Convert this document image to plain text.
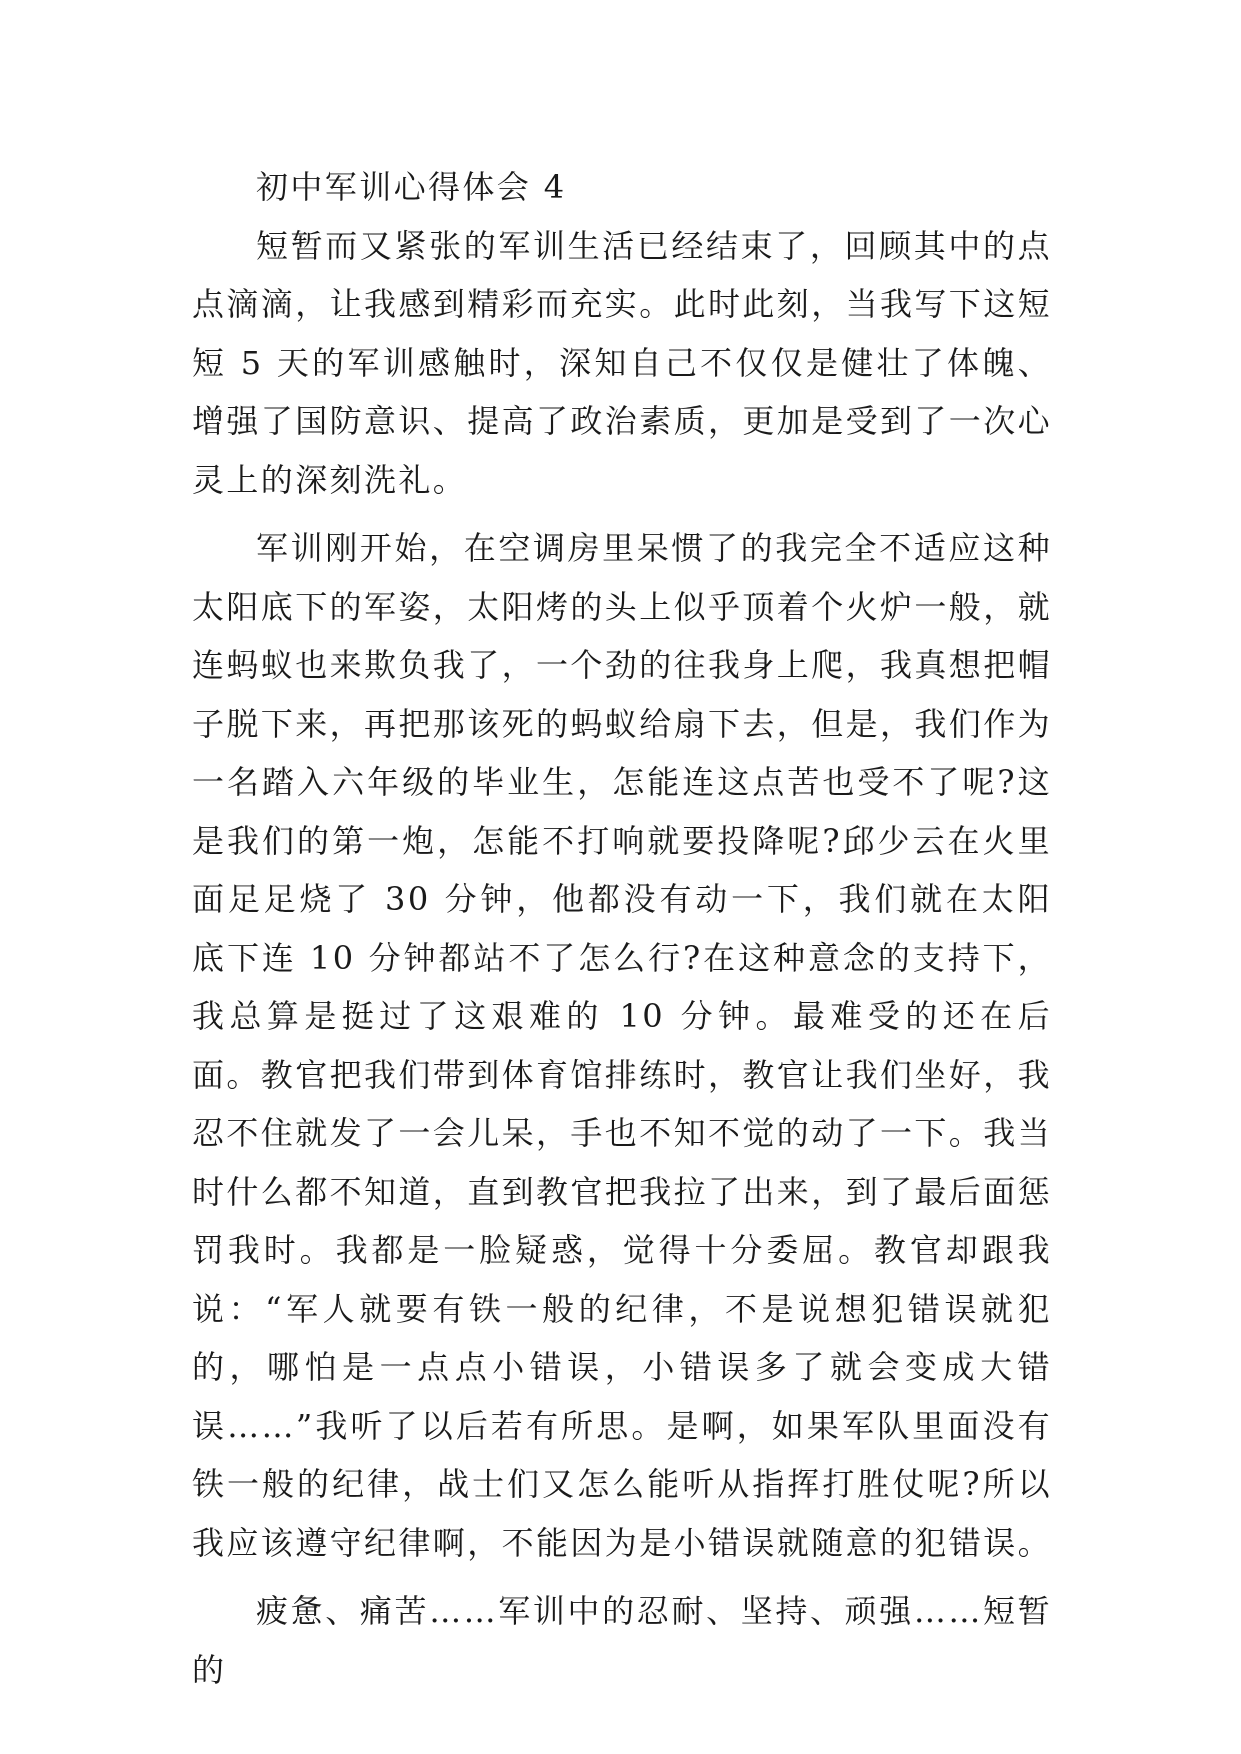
初中军训心得体会 4

短暂而又紧张的军训生活已经结束了，回顾其中的点点滴滴，让我感到精彩而充实。此时此刻，当我写下这短短 5 天的军训感触时，深知自己不仅仅是健壮了体魄、增强了国防意识、提高了政治素质，更加是受到了一次心灵上的深刻洗礼。

军训刚开始，在空调房里呆惯了的我完全不适应这种太阳底下的军姿，太阳烤的头上似乎顶着个火炉一般，就连蚂蚁也来欺负我了，一个劲的往我身上爬，我真想把帽子脱下来，再把那该死的蚂蚁给扇下去，但是，我们作为一名踏入六年级的毕业生，怎能连这点苦也受不了呢?这是我们的第一炮，怎能不打响就要投降呢?邱少云在火里面足足烧了 30 分钟，他都没有动一下，我们就在太阳底下连 10 分钟都站不了怎么行?在这种意念的支持下，我总算是挺过了这艰难的 10 分钟。最难受的还在后面。教官把我们带到体育馆排练时，教官让我们坐好，我忍不住就发了一会儿呆，手也不知不觉的动了一下。我当时什么都不知道，直到教官把我拉了出来，到了最后面惩罚我时。我都是一脸疑惑，觉得十分委屈。教官却跟我说：“军人就要有铁一般的纪律，不是说想犯错误就犯的，哪怕是一点点小错误，小错误多了就会变成大错误……”我听了以后若有所思。是啊，如果军队里面没有铁一般的纪律，战士们又怎么能听从指挥打胜仗呢?所以我应该遵守纪律啊，不能因为是小错误就随意的犯错误。

疲惫、痛苦……军训中的忍耐、坚持、顽强……短暂的
